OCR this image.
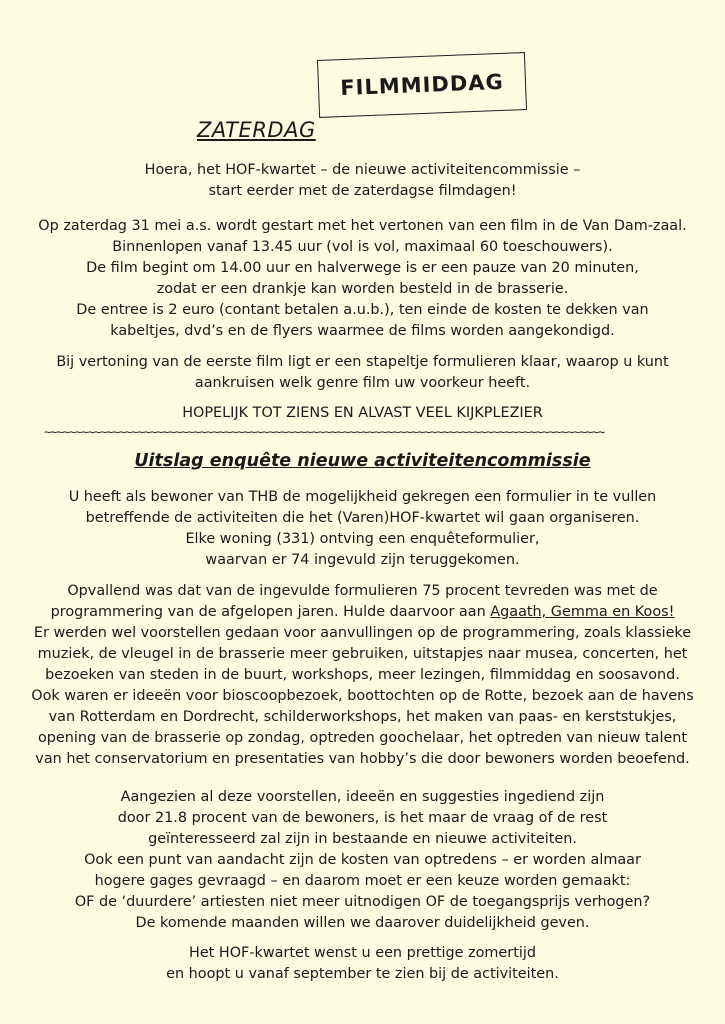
FILMMIDDAG
ZATERDAG
Hoera, het HOF-kwartet – de nieuwe activiteitencommissie –
start eerder met de zaterdagse filmdagen!
Op zaterdag 31 mei a.s. wordt gestart met het vertonen van een film in de Van Dam-zaal.
Binnenlopen vanaf 13.45 uur (vol is vol, maximaal 60 toeschouwers).
De film begint om 14.00 uur en halverwege is er een pauze van 20 minuten,
zodat er een drankje kan worden besteld in de brasserie.
De entree is 2 euro (contant betalen a.u.b.), ten einde de kosten te dekken van
kabeltjes, dvd’s en de flyers waarmee de films worden aangekondigd.
Bij vertoning van de eerste film ligt er een stapeltje formulieren klaar, waarop u kunt
aankruisen welk genre film uw voorkeur heeft.
HOPELIJK TOT ZIENS EN ALVAST VEEL KIJKPLEZIER
∼∼∼∼∼∼∼∼∼∼∼∼∼∼∼∼∼∼∼∼∼∼∼∼∼∼∼∼∼∼∼∼∼∼∼∼∼∼∼∼∼∼∼∼∼∼∼∼∼∼∼∼∼∼∼∼∼∼∼∼∼∼∼∼∼∼∼∼∼∼∼∼∼∼∼∼∼∼∼∼∼∼∼∼∼∼∼∼∼∼
Uitslag enquête nieuwe activiteitencommissie
U heeft als bewoner van THB de mogelijkheid gekregen een formulier in te vullen
betreffende de activiteiten die het (Varen)HOF-kwartet wil gaan organiseren.
Elke woning (331) ontving een enquêteformulier,
waarvan er 74 ingevuld zijn teruggekomen.
Opvallend was dat van de ingevulde formulieren 75 procent tevreden was met de
programmering van de afgelopen jaren. Hulde daarvoor aan Agaath, Gemma en Koos!
Er werden wel voorstellen gedaan voor aanvullingen op de programmering, zoals klassieke
muziek, de vleugel in de brasserie meer gebruiken, uitstapjes naar musea, concerten, het
bezoeken van steden in de buurt, workshops, meer lezingen, filmmiddag en soosavond.
Ook waren er ideeën voor bioscoopbezoek, boottochten op de Rotte, bezoek aan de havens
van Rotterdam en Dordrecht, schilderworkshops, het maken van paas- en kerststukjes,
opening van de brasserie op zondag, optreden goochelaar, het optreden van nieuw talent
van het conservatorium en presentaties van hobby’s die door bewoners worden beoefend.
Aangezien al deze voorstellen, ideeën en suggesties ingediend zijn
door 21.8 procent van de bewoners, is het maar de vraag of de rest
geïnteresseerd zal zijn in bestaande en nieuwe activiteiten.
Ook een punt van aandacht zijn de kosten van optredens – er worden almaar
hogere gages gevraagd – en daarom moet er een keuze worden gemaakt:
OF de ‘duurdere’ artiesten niet meer uitnodigen OF de toegangsprijs verhogen?
De komende maanden willen we daarover duidelijkheid geven.
Het HOF-kwartet wenst u een prettige zomertijd
en hoopt u vanaf september te zien bij de activiteiten.
